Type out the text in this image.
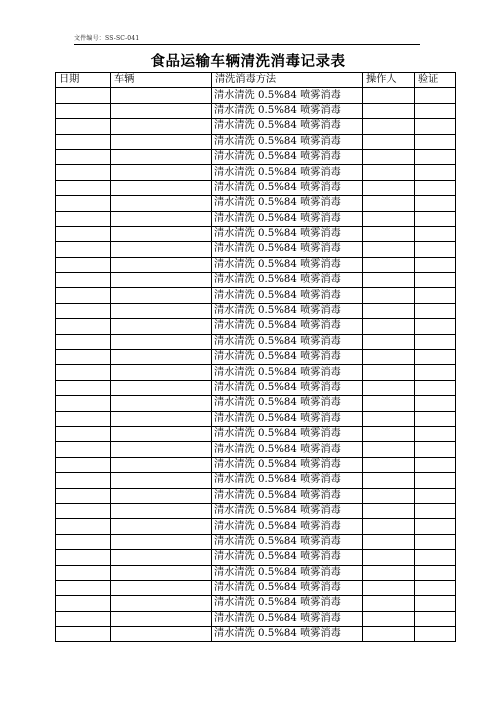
文件编号：SS-SC-041
食品运输车辆清洗消毒记录表
日期	车辆	清洗消毒方法	操作人	验证
		清水清洗 0.5%84 喷雾消毒		
		清水清洗 0.5%84 喷雾消毒		
		清水清洗 0.5%84 喷雾消毒		
		清水清洗 0.5%84 喷雾消毒		
		清水清洗 0.5%84 喷雾消毒		
		清水清洗 0.5%84 喷雾消毒		
		清水清洗 0.5%84 喷雾消毒		
		清水清洗 0.5%84 喷雾消毒		
		清水清洗 0.5%84 喷雾消毒		
		清水清洗 0.5%84 喷雾消毒		
		清水清洗 0.5%84 喷雾消毒		
		清水清洗 0.5%84 喷雾消毒		
		清水清洗 0.5%84 喷雾消毒		
		清水清洗 0.5%84 喷雾消毒		
		清水清洗 0.5%84 喷雾消毒		
		清水清洗 0.5%84 喷雾消毒		
		清水清洗 0.5%84 喷雾消毒		
		清水清洗 0.5%84 喷雾消毒		
		清水清洗 0.5%84 喷雾消毒		
		清水清洗 0.5%84 喷雾消毒		
		清水清洗 0.5%84 喷雾消毒		
		清水清洗 0.5%84 喷雾消毒		
		清水清洗 0.5%84 喷雾消毒		
		清水清洗 0.5%84 喷雾消毒		
		清水清洗 0.5%84 喷雾消毒		
		清水清洗 0.5%84 喷雾消毒		
		清水清洗 0.5%84 喷雾消毒		
		清水清洗 0.5%84 喷雾消毒		
		清水清洗 0.5%84 喷雾消毒		
		清水清洗 0.5%84 喷雾消毒		
		清水清洗 0.5%84 喷雾消毒		
		清水清洗 0.5%84 喷雾消毒		
		清水清洗 0.5%84 喷雾消毒		
		清水清洗 0.5%84 喷雾消毒		
		清水清洗 0.5%84 喷雾消毒		
		清水清洗 0.5%84 喷雾消毒		
